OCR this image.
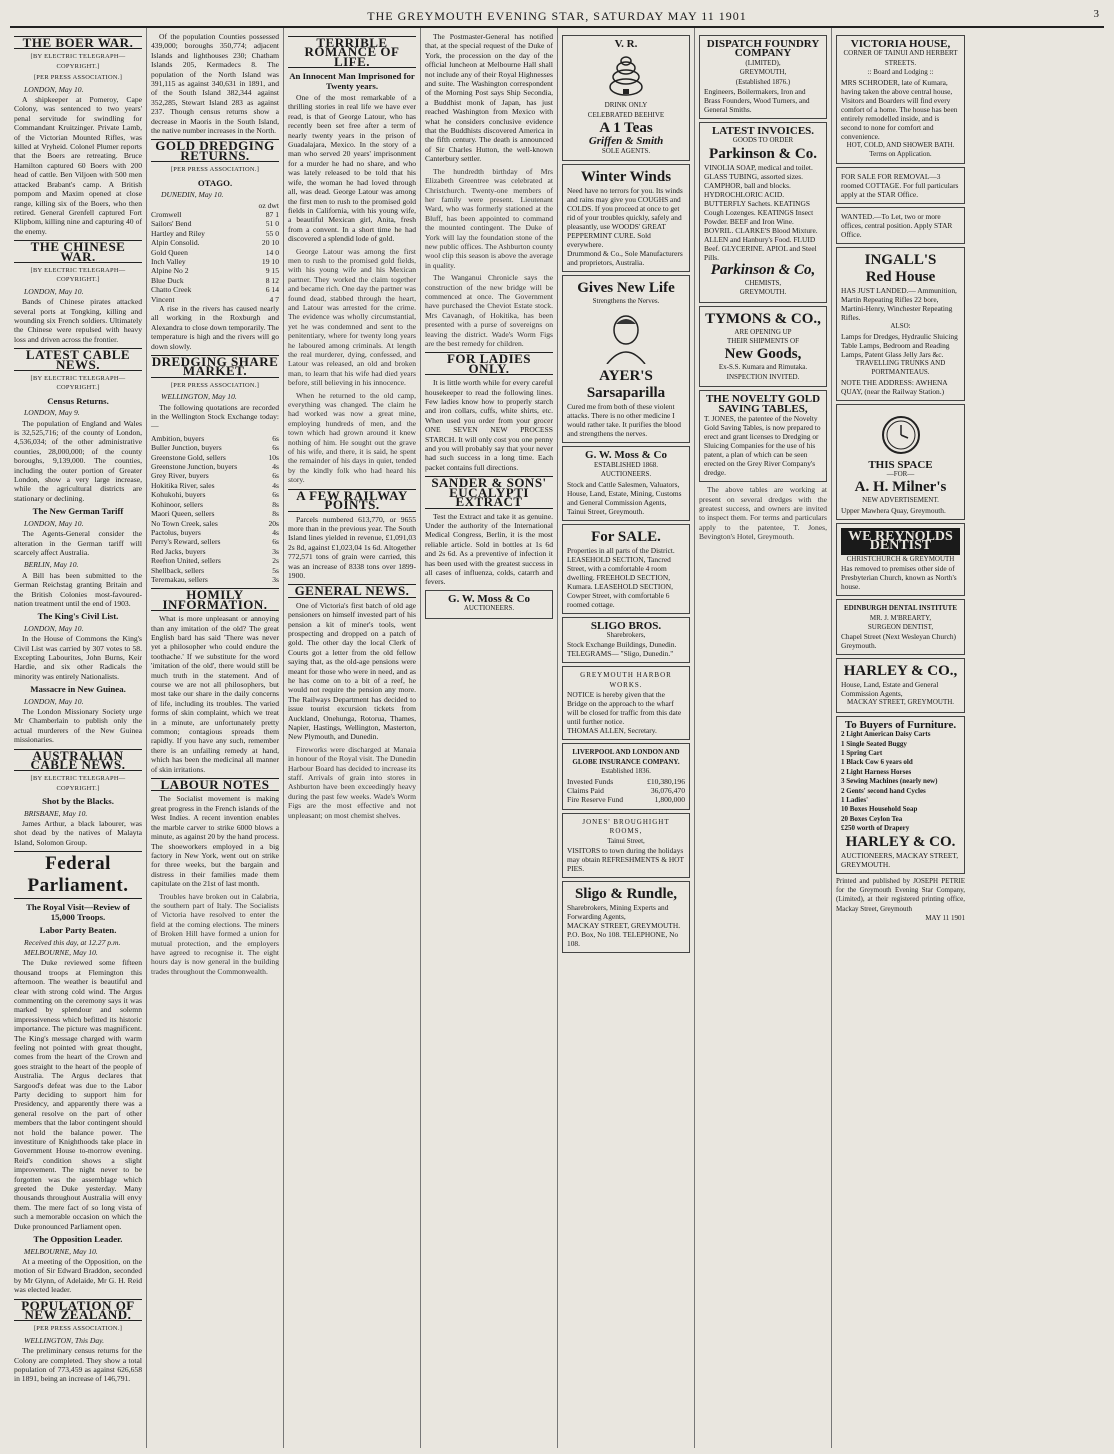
THE GREYMOUTH EVENING STAR, SATURDAY MAY 11 1901	3
THE BOER WAR.
[BY ELECTRIC TELEGRAPH—COPYRIGHT.]
[PER PRESS ASSOCIATION.]
LONDON, May 10.

A shipkeeper at Pomeroy, Cape Colony, was sentenced to two years' penal servitude for swindling for Commandant Kruitzinger. Private Lamb, of the Victorian Mounted Rifles, was killed at Vryheid. Colonel Plumer reports that the Boers are retreating. Bruce Hamilton captured 60 Boers with 200 head of cattle. Ben Viljoen with 500 men attacked Brabant's camp. A British pompom and Maxim opened at close range, killing six of the Boers, who then retired. General Grenfell captured Fort Klipbom, killing nine and capturing 40 of the enemy.

THE CHINESE WAR.
[BY ELECTRIC TELEGRAPH—COPYRIGHT.]
LONDON, May 10.

Bands of Chinese pirates attacked several ports at Tongking, killing and wounding six French soldiers. Ultimately the Chinese were repulsed with heavy loss and driven across the frontier.

LATEST CABLE NEWS.
[BY ELECTRIC TELEGRAPH—COPYRIGHT.]
Census Returns.
LONDON, May 9.

The population of England and Wales is 32,525,716; of the county of London, 4,536,034; of the other administrative counties, 28,000,000; of the county boroughs, 9,139,000. The counties, including the outer portion of Greater London, show a very large increase, while the agricultural districts are stationary or declining.

The New German Tariff
LONDON, May 10.

The Agents-General consider the alteration in the German tariff will scarcely affect Australia.

BERLIN, May 10.

A Bill has been submitted to the German Reichstag granting Britain and the British Colonies most-favoured-nation treatment until the end of 1903.

The King's Civil List.
LONDON, May 10.

In the House of Commons the King's Civil List was carried by 307 votes to 58. Excepting Labourites, John Burns, Keir Hardie, and six other Radicals the minority was entirely Nationalists.

Massacre in New Guinea.
LONDON, May 10.

The London Missionary Society urge Mr Chamberlain to publish only the actual murderers of the New Guinea missionaries.

AUSTRALIAN CABLE NEWS.
[BY ELECTRIC TELEGRAPH—COPYRIGHT.]
Shot by the Blacks.
BRISBANE, May 10.

James Arthur, a black labourer, was shot dead by the natives of Malayta Island, Solomon Group.

Federal Parliament.
The Royal Visit—Review of 15,000 Troops.
Labor Party Beaten.
Received this day, at 12.27 p.m.
MELBOURNE, May 10.

The Duke reviewed some fifteen thousand troops at Flemington this afternoon. The weather is beautiful and clear with strong cold wind. The Argus commenting on the ceremony says it was marked by splendour and solemn impressiveness which befitted its historic importance. The picture was magnificent. The King's message charged with warm feeling not pointed with great thought, comes from the heart of the Crown and goes straight to the heart of the people of Australia. The Argus declares that Sargood's defeat was due to the Labor Party deciding to support him for Presidency, and apparently there was a general resolve on the part of other members that the labor contingent should not hold the balance power. The investiture of Knighthoods take place in Government House to-morrow evening. Reid's condition shows a slight improvement. The night never to be forgotten was the assemblage which greeted the Duke yesterday. Many thousands throughout Australia will envy them. The mere fact of so long vista of such a memorable occasion on which the Duke pronounced Parliament open.

The Opposition Leader.
MELBOURNE, May 10.

At a meeting of the Opposition, on the motion of Sir Edward Braddon, seconded by Mr Glynn, of Adelaide, Mr G. H. Reid was elected leader.

POPULATION OF NEW ZEALAND.
[PER PRESS ASSOCIATION.]
WELLINGTON, This Day.

The preliminary census returns for the Colony are completed. They show a total population of 773,459 as against 626,658 in 1891, being an increase of 146,791.

Of the population Counties possessed 439,000; boroughs 350,774; adjacent Islands and lighthouses 230; Chatham Islands 205, Kermadecs 8. The population of the North Island was 391,115 as against 340,631 in 1891, and of the South Island 382,344 against 352,285, Stewart Island 283 as against 237. Though census returns show a decrease in Maoris in the South Island, the native number increases in the North.

GOLD DREDGING RETURNS.
[PER PRESS ASSOCIATION.]
OTAGO.
DUNEDIN, May 10.
oz dwt
Cromwell	87 1
Sailors' Bend	51 0
Hartley and Riley	55 0
Alpin Consolid.	20 10
Gold Queen	14 0
Inch Valley	19 10
Alpine No 2	9 15
Blue Duck	8 12
Chatto Creek	6 14
Vincent	4 7

A rise in the rivers has caused nearly all working in the Roxburgh and Alexandra to close down temporarily. The temperature is high and the rivers will go down slowly.

DREDGING SHARE MARKET.
[PER PRESS ASSOCIATION.]
WELLINGTON, May 10.

The following quotations are recorded in the Wellington Stock Exchange today:—

Ambition, buyers	6s
Buller Junction, buyers	6s
Greenstone Gold, sellers	10s
Greenstone Junction, buyers	4s
Grey River, buyers	6s
Hokitika River, sales	4s
Kohukohi, buyers	6s
Kohinoor, sellers	8s
Maori Queen, sellers	8s
No Town Creek, sales	20s
Pactolus, buyers	4s
Perry's Reward, sellers	6s
Red Jacks, buyers	3s
Reefton United, sellers	2s
Shellback, sellers	5s
Teremakau, sellers	3s
HOMILY INFORMATION.

What is more unpleasant or annoying than any imitation of the old? The great English bard has said 'There was never yet a philosopher who could endure the toothache.' If we substitute for the word 'imitation of the old', there would still be much truth in the statement. And of course we are not all philosophers, but most take our share in the daily concerns of life, including its troubles. The varied forms of skin complaint, which we treat in a minute, are unfortunately pretty common; contagious spreads them rapidly. If you have any such, remember there is an unfailing remedy at hand, which has been the medicinal all manner of skin irritations.

LABOUR NOTES

The Socialist movement is making great progress in the French islands of the West Indies. A recent invention enables the marble carver to strike 6000 blows a minute, as against 20 by the hand process. The shoeworkers employed in a big factory in New York, went out on strike for three weeks, but the bargain and distress in their families made them capitulate on the 21st of last month.

Troubles have broken out in Calabria, the southern part of Italy. The Socialists of Victoria have resolved to enter the field at the coming elections. The miners of Broken Hill have formed a union for mutual protection, and the employers have agreed to recognise it. The eight hours day is now general in the building trades throughout the Commonwealth.

TERRIBLE ROMANCE OF LIFE.
An Innocent Man Imprisoned for Twenty years.

One of the most remarkable of a thrilling stories in real life we have ever read, is that of George Latour, who has recently been set free after a term of nearly twenty years in the prison of Guadalajara, Mexico. In the story of a man who served 20 years' imprisonment for a murder he had no share, and who was lately released to be told that his wife, the woman he had loved through all, was dead. George Latour was among the first men to rush to the promised gold fields in California, with his young wife, a beautiful Mexican girl, Anita, fresh from a convent. In a short time he had discovered a splendid lode of gold.

George Latour was among the first men to rush to the promised gold fields, with his young wife and his Mexican partner. They worked the claim together and became rich. One day the partner was found dead, stabbed through the heart, and Latour was arrested for the crime. The evidence was wholly circumstantial, yet he was condemned and sent to the penitentiary, where for twenty long years he laboured among criminals. At length the real murderer, dying, confessed, and Latour was released, an old and broken man, to learn that his wife had died years before, still believing in his innocence.

When he returned to the old camp, everything was changed. The claim he had worked was now a great mine, employing hundreds of men, and the town which had grown around it knew nothing of him. He sought out the grave of his wife, and there, it is said, he spent the remainder of his days in quiet, tended by the kindly folk who had heard his story.

A FEW RAILWAY POINTS.

Parcels numbered 613,770, or 9655 more than in the previous year. The South Island lines yielded in revenue, £1,091,03 2s 8d, against £1,023,04 1s 6d. Altogether 772,571 tons of grain were carried, this was an increase of 8338 tons over 1899-1900.

GENERAL NEWS.

One of Victoria's first batch of old age pensioners on himself invested part of his pension a kit of miner's tools, went prospecting and dropped on a patch of gold. The other day the local Clerk of Courts got a letter from the old fellow saying that, as the old-age pensions were meant for those who were in need, and as he has come on to a bit of a reef, he would not require the pension any more. The Railways Department has decided to issue tourist excursion tickets from Auckland, Onehunga, Rotorua, Thames, Napier, Hastings, Wellington, Masterton, New Plymouth, and Dunedin.

Fireworks were discharged at Manaia in honour of the Royal visit. The Dunedin Harbour Board has decided to increase its staff. Arrivals of grain into stores in Ashburton have been exceedingly heavy during the past few weeks. Wade's Worm Figs are the most effective and not unpleasant; on most chemist shelves.

The Postmaster-General has notified that, at the special request of the Duke of York, the procession on the day of the official luncheon at Melbourne Hall shall not include any of their Royal Highnesses and suite. The Washington correspondent of the Morning Post says Ship Secondia, a Buddhist monk of Japan, has just reached Washington from Mexico with what he considers conclusive evidence that the Buddhists discovered America in the fifth century. The death is announced of Sir Charles Hutton, the well-known Canterbury settler.

The hundredth birthday of Mrs Elizabeth Greentree was celebrated at Christchurch. Twenty-one members of her family were present. Lieutenant Ward, who was formerly stationed at the Bluff, has been appointed to command the mounted contingent. The Duke of York will lay the foundation stone of the new public offices. The Ashburton county wool clip this season is above the average in quality.

The Wanganui Chronicle says the construction of the new bridge will be commenced at once. The Government have purchased the Cheviot Estate stock. Mrs Cavanagh, of Hokitika, has been presented with a purse of sovereigns on leaving the district. Wade's Worm Figs are the best remedy for children.

FOR LADIES ONLY.

It is little worth while for every careful housekeeper to read the following lines. Few ladies know how to properly starch and iron collars, cuffs, white shirts, etc. When used you order from your grocer ONE SEVEN NEW PROCESS STARCH. It will only cost you one penny and you will probably say that your never had such success in a long time. Each packet contains full directions.

SANDER & SONS' EUCALYPTI EXTRACT

Test the Extract and take it as genuine. Under the authority of the International Medical Congress, Berlin, it is the most reliable article. Sold in bottles at 1s 6d and 2s 6d. As a preventive of infection it has been used with the greatest success in all cases of influenza, colds, catarrh and fevers.

G. W. Moss & Co
AUCTIONEERS.
V. R.
DRINK ONLY
CELEBRATED BEEHIVE
A 1 Teas
Griffen & Smith
SOLE AGENTS.
Winter Winds

Need have no terrors for you. Its winds and rains may give you COUGHS and COLDS. If you proceed at once to get rid of your troubles quickly, safely and pleasantly, use WOODS' GREAT PEPPERMINT CURE. Sold everywhere.

Drummond & Co., Sole Manufacturers and proprietors, Australia.

Gives New Life
Strengthens the Nerves.
AYER'S Sarsaparilla

Cured me from both of these violent attacks. There is no other medicine I would rather take. It purifies the blood and strengthens the nerves.

G. W. Moss & Co
ESTABLISHED 1868.
AUCTIONEERS.

Stock and Cattle Salesmen, Valuators, House, Land, Estate, Mining, Customs and General Commission Agents, Tainui Street, Greymouth.

For SALE.

Properties in all parts of the District. LEASEHOLD SECTION, Tancred Street, with a comfortable 4 room dwelling. FREEHOLD SECTION, Kumara. LEASEHOLD SECTION, Cowper Street, with comfortable 6 roomed cottage.

SLIGO BROS.
Sharebrokers,

Stock Exchange Buildings, Dunedin.

TELEGRAMS— "Sligo, Dunedin."

GREYMOUTH HARBOR WORKS.

NOTICE is hereby given that the Bridge on the approach to the wharf will be closed for traffic from this date until further notice.

THOMAS ALLEN, Secretary.

LIVERPOOL AND LONDON AND GLOBE INSURANCE COMPANY.
Established 1836.
Invested Funds	£10,380,196
Claims Paid	36,076,470
Fire Reserve Fund	1,800,000
JONES' BROUGHIGHT ROOMS,
Tainui Street,

VISITORS to town during the holidays may obtain REFRESHMENTS & HOT PIES.

Sligo & Rundle,

Sharebrokers, Mining Experts and Forwarding Agents,

MACKAY STREET, GREYMOUTH.

P.O. Box, No 108. TELEPHONE, No 108.

DISPATCH FOUNDRY COMPANY
(LIMITED),
GREYMOUTH,
(Established 1876.)

Engineers, Boilermakers, Iron and Brass Founders, Wood Turners, and General Smiths.

LATEST INVOICES.
GOODS TO ORDER
Parkinson & Co.

VINOLIA SOAP, medical and toilet. GLASS TUBING, assorted sizes. CAMPHOR, ball and blocks. HYDROCHLORIC ACID. BUTTERFLY Sachets. KEATINGS Cough Lozenges. KEATINGS Insect Powder. BEEF and Iron Wine. BOVRIL. CLARKE'S Blood Mixture. ALLEN and Hanbury's Food. FLUID Beef. GLYCERINE. APIOL and Steel Pills.

Parkinson & Co,
CHEMISTS,
GREYMOUTH.
TYMONS & CO.,
ARE OPENING UP
THEIR SHIPMENTS OF
New Goods,
Ex-S.S. Kumara and Rimutaka.
INSPECTION INVITED.
THE NOVELTY GOLD SAVING TABLES,

T. JONES, the patentee of the Novelty Gold Saving Tables, is now prepared to erect and grant licenses to Dredging or Sluicing Companies for the use of his patent, a plan of which can be seen erected on the Grey River Company's dredge.

The above tables are working at present on several dredges with the greatest success, and owners are invited to inspect them. For terms and particulars apply to the patentee, T. Jones, Bevington's Hotel, Greymouth.

VICTORIA HOUSE,
CORNER OF TAINUI AND HERBERT STREETS.
:: Board and Lodging ::

MRS SCHRODER, late of Kumara, having taken the above central house, Visitors and Boarders will find every comfort of a home. The house has been entirely remodelled inside, and is second to none for comfort and convenience.

HOT, COLD, AND SHOWER BATH.
Terms on Application.

FOR SALE FOR REMOVAL—3 roomed COTTAGE. For full particulars apply at the STAR Office.

WANTED.—To Let, two or more offices, central position. Apply STAR Office.

INGALL'S
Red House

HAS JUST LANDED.— Ammunition, Martin Repeating Rifles 22 bore, Martini-Henry, Winchester Repeating Rifles.

ALSO:

Lamps for Dredges, Hydraulic Sluicing Table Lamps, Bedroom and Reading Lamps, Patent Glass Jelly Jars &c.

TRAVELLING TRUNKS AND PORTMANTEAUS.

NOTE THE ADDRESS: AWHENA QUAY, (near the Railway Station.)

THIS SPACE
—FOR—
A. H. Milner's
NEW ADVERTISEMENT.

Upper Mawhera Quay, Greymouth.

WE REYNOLDS DENTIST
CHRISTCHURCH & GREYMOUTH

Has removed to premises other side of Presbyterian Church, known as North's house.

EDINBURGH DENTAL INSTITUTE
MR. J. M'BREARTY,
SURGEON DENTIST,

Chapel Street (Next Wesleyan Church) Greymouth.

HARLEY & CO.,

House, Land, Estate and General Commission Agents,

MACKAY STREET, GREYMOUTH.
To Buyers of Furniture.
2 Light American Daisy Carts
1 Single Seated Buggy
1 Spring Cart
1 Black Cow 6 years old
2 Light Harness Horses
3 Sewing Machines (nearly new)
2 Gents' second hand Cycles
1 Ladies'
10 Boxes Household Soap
20 Boxes Ceylon Tea
£250 worth of Drapery
HARLEY & CO.

AUCTIONEERS, MACKAY STREET, GREYMOUTH.

Printed and published by JOSEPH PETRIE for the Greymouth Evening Star Company, (Limited), at their registered printing office, Mackay Street, Greymouth

MAY 11 1901
